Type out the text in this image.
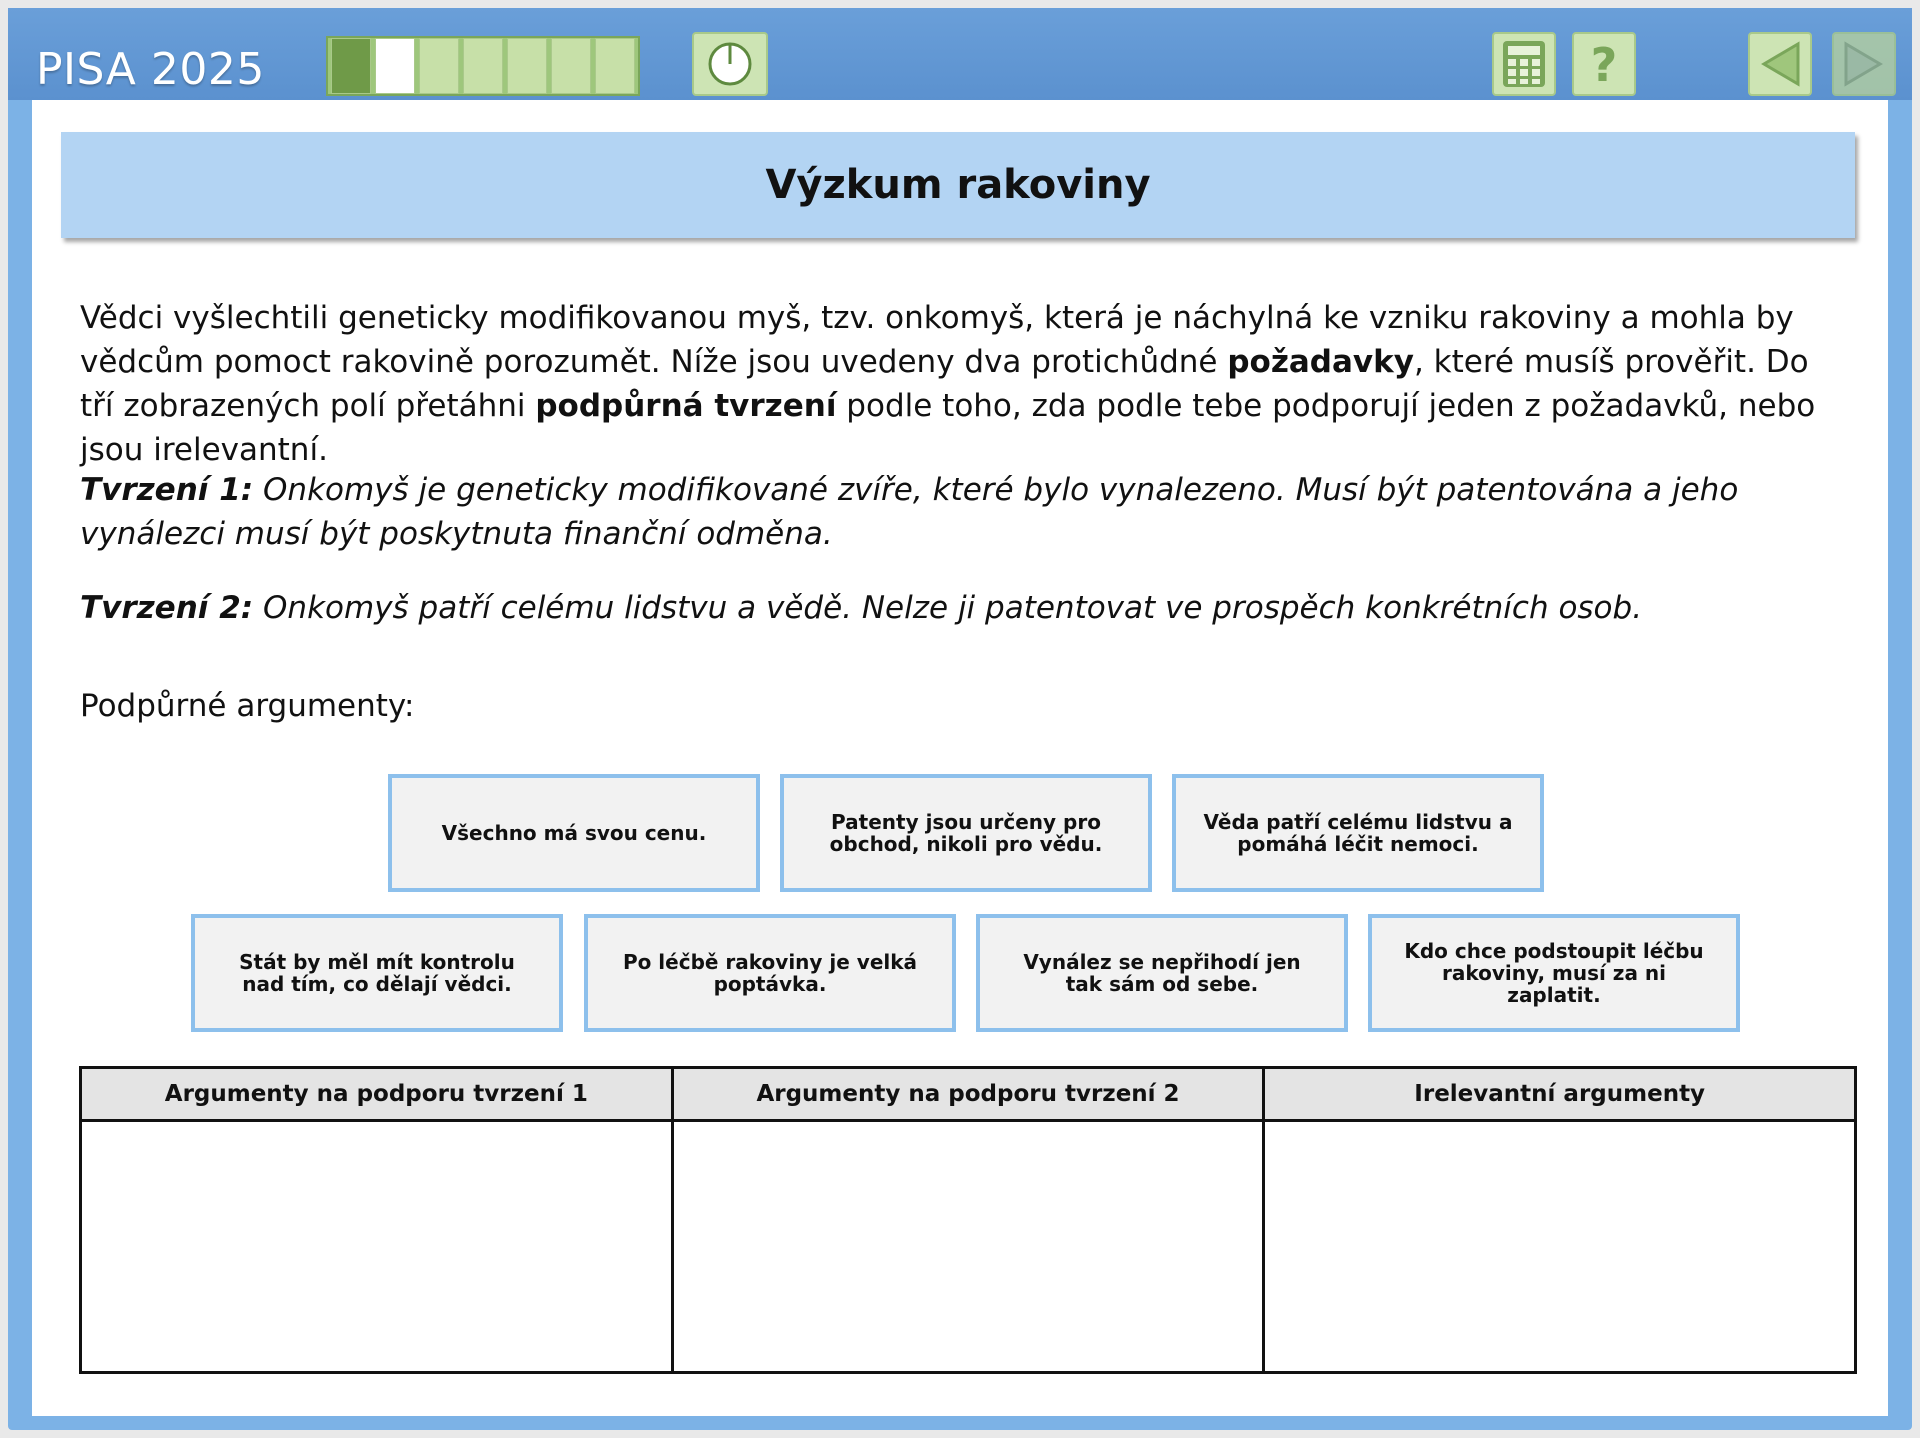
PISA 2025	?
Výzkum rakoviny

Vědci vyšlechtili geneticky modifikovanou myš, tzv. onkomyš, která je náchylná ke vzniku rakoviny a mohla by vědcům pomoct rakovině porozumět. Níže jsou uvedeny dva protichůdné požadavky, které musíš prověřit. Do tří zobrazených polí přetáhni podpůrná tvrzení podle toho, zda podle tebe podporují jeden z požadavků, nebo jsou irelevantní.

Tvrzení 1: Onkomyš je geneticky modifikované zvíře, které bylo vynalezeno. Musí být patentována a jeho vynálezci musí být poskytnuta finanční odměna.

Tvrzení 2: Onkomyš patří celému lidstvu a vědě. Nelze ji patentovat ve prospěch konkrétních osob.

Podpůrné argumenty:

Všechno má svou cenu.	Patenty jsou určeny pro obchod, nikoli pro vědu.
Věda patří celému lidstvu a pomáhá léčit nemoci.
Stát by měl mít kontrolu nad tím, co dělají vědci.
Po léčbě rakoviny je velká poptávka.
Vynález se nepřihodí jen tak sám od sebe.
Kdo chce podstoupit léčbu rakoviny, musí za ni zaplatit.
Argumenty na podporu tvrzení 1	Argumenty na podporu tvrzení 2	Irelevantní argumenty
